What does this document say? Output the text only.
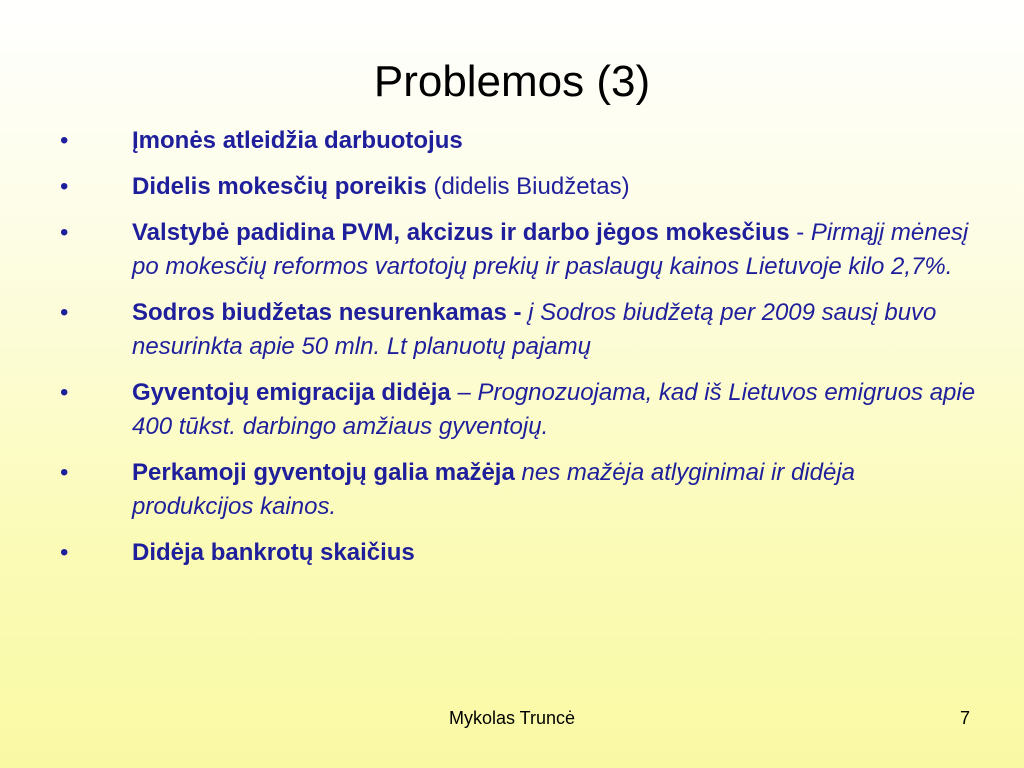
Problemos (3)
•	Įmonės atleidžia darbuotojus
•	Didelis mokesčių poreikis (didelis Biudžetas)
•	Valstybė padidina PVM, akcizus ir darbo jėgos mokesčius - Pirmąjį mėnesį po mokesčių reformos vartotojų prekių ir paslaugų kainos Lietuvoje kilo 2,7%.
•	Sodros biudžetas nesurenkamas - į Sodros biudžetą per 2009 sausį buvo nesurinkta apie 50 mln. Lt planuotų pajamų
•	Gyventojų emigracija didėja – Prognozuojama, kad iš Lietuvos emigruos apie 400 tūkst. darbingo amžiaus gyventojų.
•	Perkamoji gyventojų galia mažėja nes mažėja atlyginimai ir didėja produkcijos kainos.
•	Didėja bankrotų skaičius
Mykolas Truncė	7
